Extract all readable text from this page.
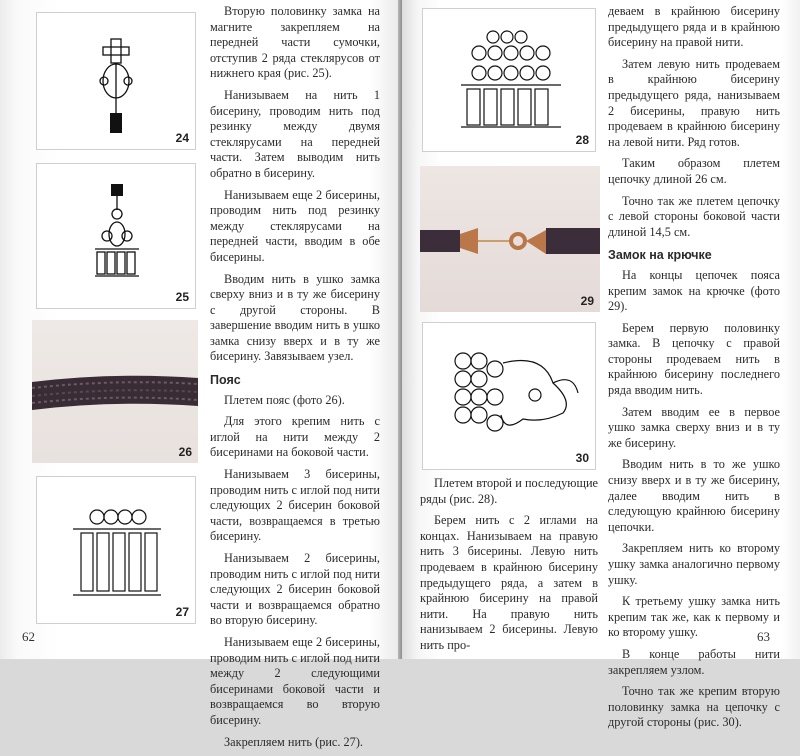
24
25
26
27

Вторую половинку замка на магните закрепляем на передней части сумочки, отступив 2 ряда стеклярусов от нижнего края (рис. 25).

Нанизываем на нить 1 бисерину, проводим нить под резинку между двумя стеклярусами на передней части. Затем выводим нить обратно в бисерину.

Нанизываем еще 2 бисерины, проводим нить под резинку между стеклярусами на передней части, вводим в обе бисерины.

Вводим нить в ушко замка сверху вниз и в ту же бисерину с другой стороны. В завершение вводим нить в ушко замка снизу вверх и в ту же бисерину. Завязываем узел.

Пояс

Плетем пояс (фото 26).

Для этого крепим нить с иглой на нити между 2 бисеринами на боковой части.

Нанизываем 3 бисерины, проводим нить с иглой под нити следующих 2 бисерин боковой части, возвращаемся в третью бисерину.

Нанизываем 2 бисерины, проводим нить с иглой под нити следующих 2 бисерин боковой части и возвращаемся обратно во вторую бисерину.

Нанизываем еще 2 бисерины, проводим нить с иглой под нити между 2 следующими бисеринами боковой части и возвращаемся во вторую бисерину.

Закрепляем нить (рис. 27).

62
28
29
30

Плетем второй и последующие ряды (рис. 28).

Берем нить с 2 иглами на концах. Нанизываем на правую нить 3 бисерины. Левую нить продеваем в крайнюю бисерину предыдущего ряда, а затем в крайнюю бисерину на правой нити. На правую нить нанизываем 2 бисерины. Левую нить про-

деваем в крайнюю бисерину предыдущего ряда и в крайнюю бисерину на правой нити.

Затем левую нить продеваем в крайнюю бисерину предыдущего ряда, нанизываем 2 бисерины, правую нить продеваем в крайнюю бисерину на левой нити. Ряд готов.

Таким образом плетем цепочку длиной 26 см.

Точно так же плетем цепочку с левой стороны боковой части длиной 14,5 см.

Замок на крючке

На концы цепочек пояса крепим замок на крючке (фото 29).

Берем первую половинку замка. В цепочку с правой стороны продеваем нить в крайнюю бисерину последнего ряда вводим нить.

Затем вводим ее в первое ушко замка сверху вниз и в ту же бисерину.

Вводим нить в то же ушко снизу вверх и в ту же бисерину, далее вводим нить в следующую крайнюю бисерину цепочки.

Закрепляем нить ко второму ушку замка аналогично первому ушку.

К третьему ушку замка нить крепим так же, как к первому и ко второму ушку.

В конце работы нити закрепляем узлом.

Точно так же крепим вторую половинку замка на цепочку с другой стороны (рис. 30).

63
